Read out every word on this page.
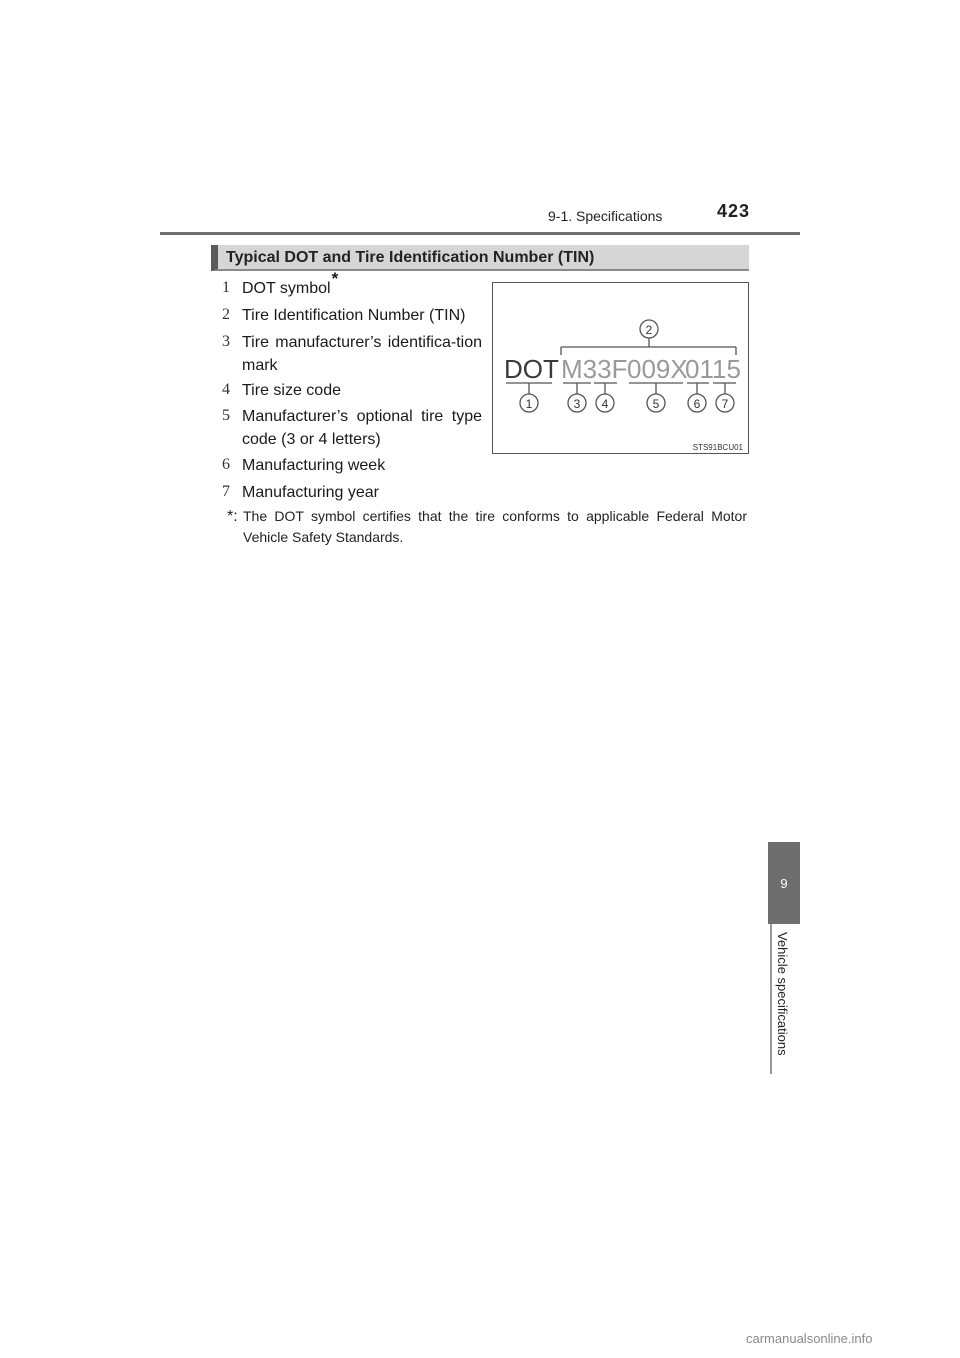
9-1. Specifications	423
Typical DOT and Tire Identification Number (TIN)
1 DOT symbol*
2 Tire Identification Number (TIN)
3 Tire manufacturer’s identifica-tion mark
4 Tire size code
5 Manufacturer’s optional tire type code (3 or 4 letters)
6 Manufacturing week
7 Manufacturing year
*: The DOT symbol certifies that the tire conforms to applicable Federal Motor Vehicle Safety Standards.
2
DOT M33F 009X
0115
1	3 4	5	6 7
STS91BCU01
9
Vehicle specifications
carmanualsonline.info
